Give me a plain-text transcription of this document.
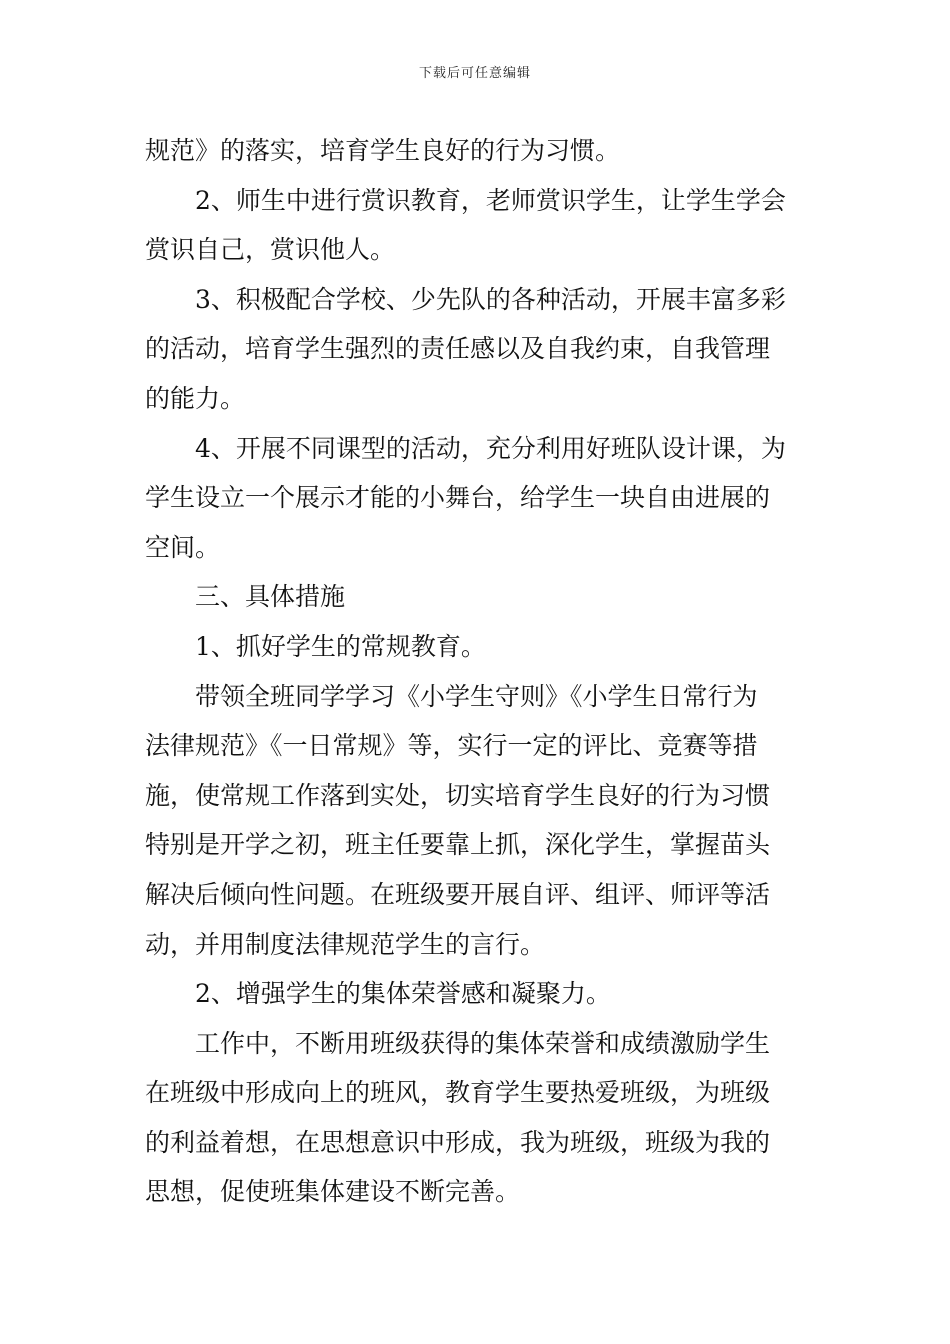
下载后可任意编辑
规范》的落实，培育学生良好的行为习惯。
2、师生中进行赏识教育，老师赏识学生，让学生学会
赏识自己，赏识他人。
3、积极配合学校、少先队的各种活动，开展丰富多彩
的活动，培育学生强烈的责任感以及自我约束，自我管理
的能力。
4、开展不同课型的活动，充分利用好班队设计课，为
学生设立一个展示才能的小舞台，给学生一块自由进展的
空间。
三、具体措施
1、抓好学生的常规教育。
带领全班同学学习《小学生守则》《小学生日常行为
法律规范》《一日常规》等，实行一定的评比、竞赛等措
施，使常规工作落到实处，切实培育学生良好的行为习惯
特别是开学之初，班主任要靠上抓，深化学生，掌握苗头
解决后倾向性问题。在班级要开展自评、组评、师评等活
动，并用制度法律规范学生的言行。
2、增强学生的集体荣誉感和凝聚力。
工作中，不断用班级获得的集体荣誉和成绩激励学生
在班级中形成向上的班风，教育学生要热爱班级，为班级
的利益着想，在思想意识中形成，我为班级，班级为我的
思想，促使班集体建设不断完善。
